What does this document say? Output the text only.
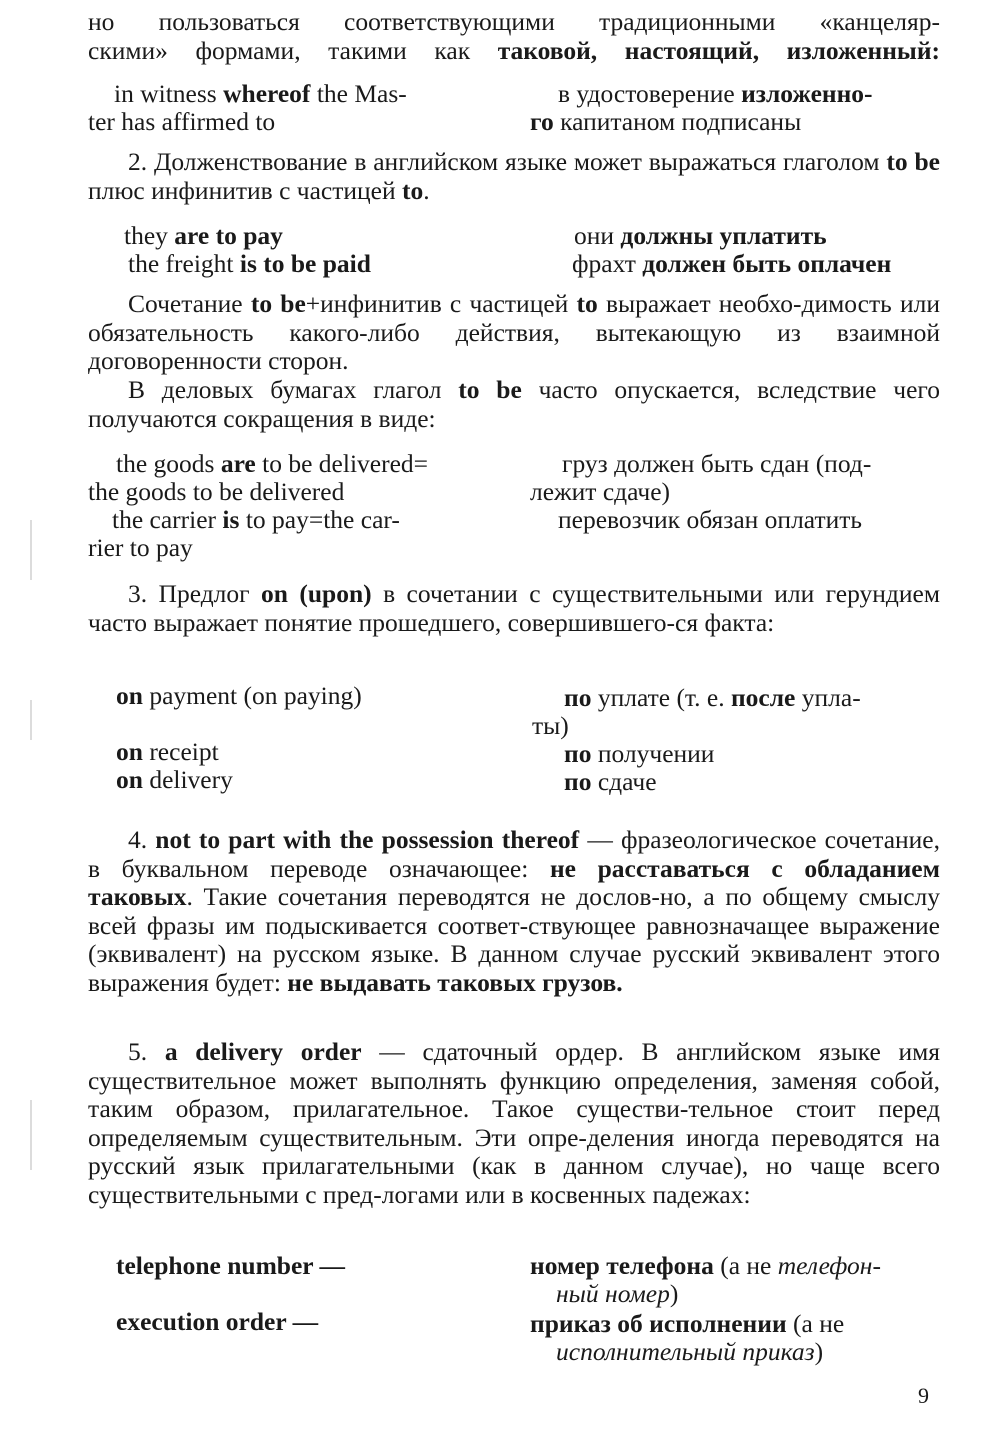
но пользоваться соответствующими традиционными «канцеляр-

скими» формами, такими как таковой, настоящий, изложенный:

in witness whereof the Mas-
ter has affirmed to
в удостоверение изложенно-
го капитаном подписаны

2. Долженствование в английском языке может выражаться глаголом to be плюс инфинитив с частицей to.

they are to pay
the freight is to be paid
они должны уплатить
фрахт должен быть оплачен

Сочетание to be+инфинитив с частицей to выражает необхо-димость или обязательность какого-либо действия, вытекающую из взаимной договоренности сторон.

В деловых бумагах глагол to be часто опускается, вследствие чего получаются сокращения в виде:

the goods are to be delivered=
the goods to be delivered
the carrier is to pay=the car-
rier to pay
груз должен быть сдан (под-
лежит сдаче)
перевозчик обязан оплатить

3. Предлог on (upon) в сочетании с существительными или герундием часто выражает понятие прошедшего, совершившего-ся факта:

on payment (on paying)
on receipt
on delivery
по уплате (т. е. после упла-
ты)
по получении
по сдаче

4. not to part with the possession thereof — фразеологическое сочетание, в буквальном переводе означающее: не расставаться с обладанием таковых. Такие сочетания переводятся не дослов-но, а по общему смыслу всей фразы им подыскивается соответ-ствующее равнозначащее выражение (эквивалент) на русском языке. В данном случае русский эквивалент этого выражения будет: не выдавать таковых грузов.

5. a delivery order — сдаточный ордер. В английском языке имя существительное может выполнять функцию определения, заменяя собой, таким образом, прилагательное. Такое существи-тельное стоит перед определяемым существительным. Эти опре-деления иногда переводятся на русский язык прилагательными (как в данном случае), но чаще всего существительными с пред-логами или в косвенных падежах:

telephone number —
execution order —
номер телефона (а не телефон-
ный номер)
приказ об исполнении (а не
исполнительный приказ)
9
